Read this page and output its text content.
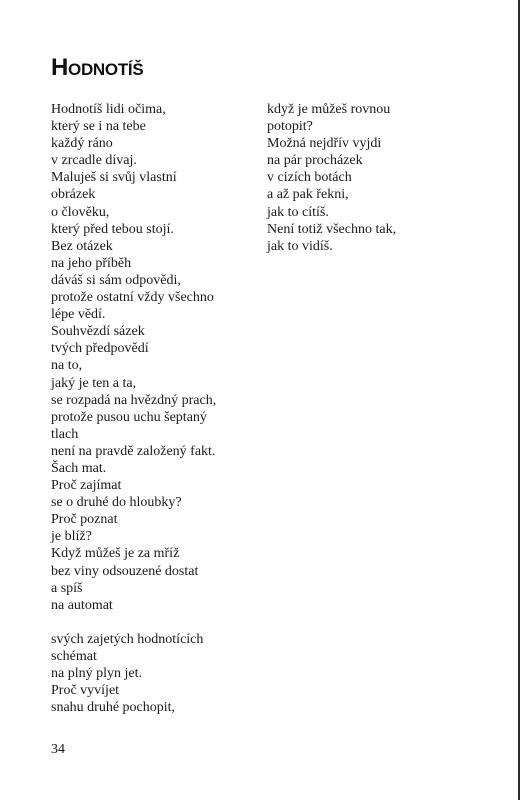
Hodnotíš
Hodnotíš lidi očima,
který se i na tebe
každý ráno
v zrcadle dívaj.
Maluješ si svůj vlastní
obrázek
o člověku,
který před tebou stojí.
Bez otázek
na jeho příběh
dáváš si sám odpovědi,
protože ostatní vždy všechno
lépe vědí.
Souhvězdí sázek
tvých předpovědí
na to,
jaký je ten a ta,
se rozpadá na hvězdný prach,
protože pusou uchu šeptaný
tlach
není na pravdě založený fakt.
Šach mat.
Proč zajímat
se o druhé do hloubky?
Proč poznat
je blíž?
Když můžeš je za mříž
bez viny odsouzené dostat
a spíš
na automat
svých zajetých hodnotících
schémat
na plný plyn jet.
Proč vyvíjet
snahu druhé pochopit,
když je můžeš rovnou
potopit?
Možná nejdřív vyjdi
na pár procházek
v cizích botách
a až pak řekni,
jak to cítíš.
Není totiž všechno tak,
jak to vidíš.
34
